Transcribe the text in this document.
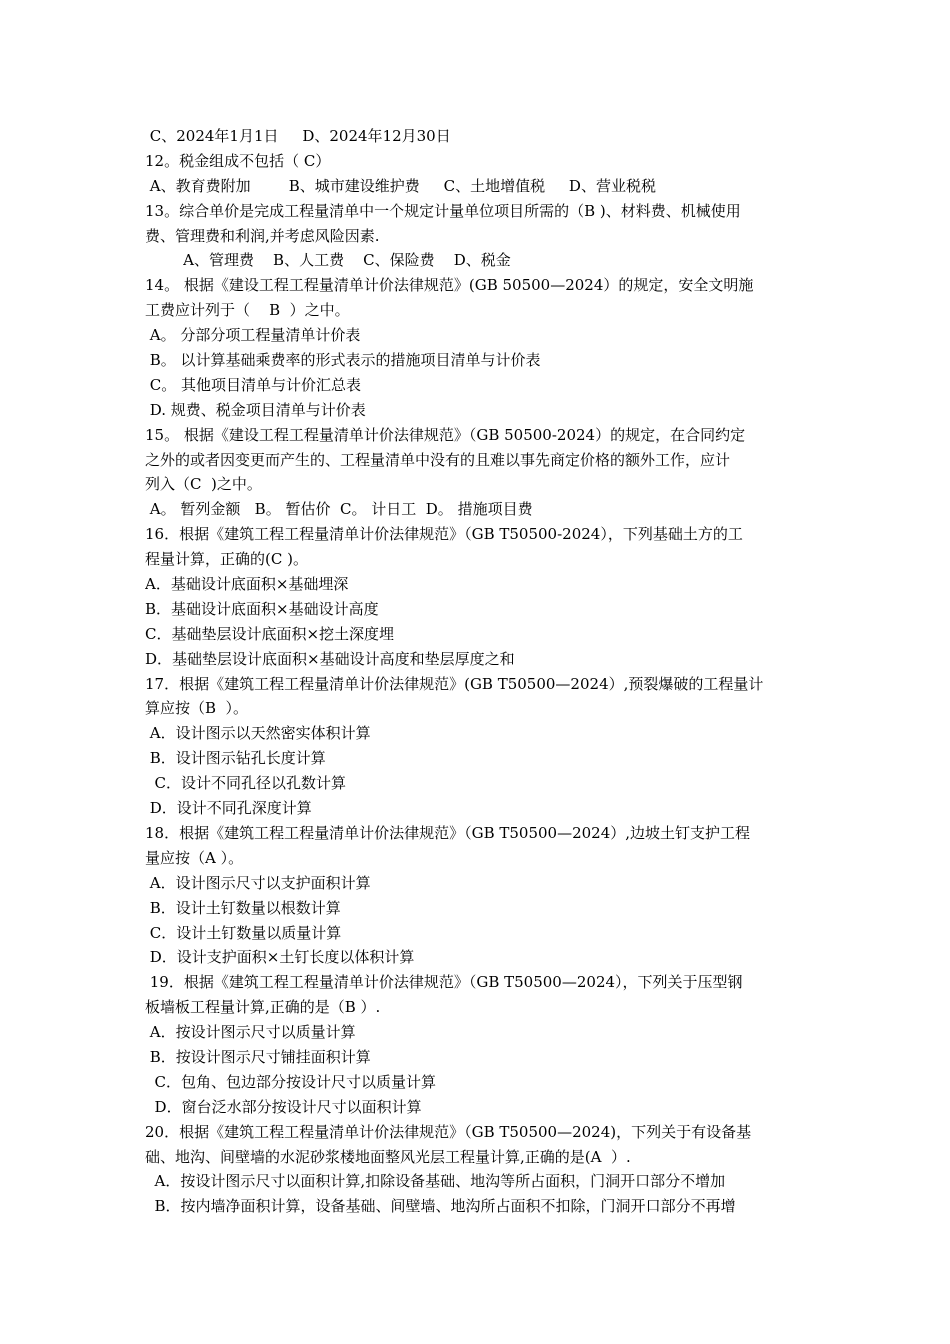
C、2024年1月1日     D、2024年12月30日
12。税金组成不包括（ C）
A、教育费附加        B、城市建设维护费     C、土地增值税     D、营业税税
13。综合单价是完成工程量清单中一个规定计量单位项目所需的（B )、材料费、机械使用
费、管理费和利润,并考虑风险因素.
A、管理费    B、人工费    C、保险费    D、税金
14。 根据《建设工程工程量清单计价法律规范》(GB 50500—2024）的规定，安全文明施
工费应计列于（    B  ）之中。
A。 分部分项工程量清单计价表
B。 以计算基础乘费率的形式表示的措施项目清单与计价表
C。 其他项目清单与计价汇总表
D. 规费、税金项目清单与计价表
15。 根据《建设工程工程量清单计价法律规范》（GB 50500-2024）的规定，在合同约定
之外的或者因变更而产生的、工程量清单中没有的且难以事先商定价格的额外工作，应计
列入（C  )之中。
A。 暂列金额   B。 暂估价  C。 计日工  D。 措施项目费
16．根据《建筑工程工程量清单计价法律规范》（GB T50500-2024），下列基础土方的工
程量计算，正确的(C )。
A．基础设计底面积×基础埋深
B．基础设计底面积×基础设计高度
C．基础垫层设计底面积×挖土深度埋
D．基础垫层设计底面积×基础设计高度和垫层厚度之和
17．根据《建筑工程工程量清单计价法律规范》(GB T50500—2024）,预裂爆破的工程量计
算应按（B  ）。
A．设计图示以天然密实体积计算
B．设计图示钻孔长度计算
C．设计不同孔径以孔数计算
D．设计不同孔深度计算
18．根据《建筑工程工程量清单计价法律规范》（GB T50500—2024）,边坡土钉支护工程
量应按（A ）。
A．设计图示尺寸以支护面积计算
B．设计土钉数量以根数计算
C．设计土钉数量以质量计算
D．设计支护面积×土钉长度以体积计算
19．根据《建筑工程工程量清单计价法律规范》（GB T50500—2024），下列关于压型钢
板墙板工程量计算,正确的是（B ）.
A．按设计图示尺寸以质量计算
B．按设计图示尺寸铺挂面积计算
C．包角、包边部分按设计尺寸以质量计算
D．窗台泛水部分按设计尺寸以面积计算
20．根据《建筑工程工程量清单计价法律规范》（GB T50500—2024)，下列关于有设备基
础、地沟、间壁墙的水泥砂浆楼地面整风光层工程量计算,正确的是(A  ）.
A．按设计图示尺寸以面积计算,扣除设备基础、地沟等所占面积，门洞开口部分不增加
B．按内墙净面积计算，设备基础、间壁墙、地沟所占面积不扣除，门洞开口部分不再增
